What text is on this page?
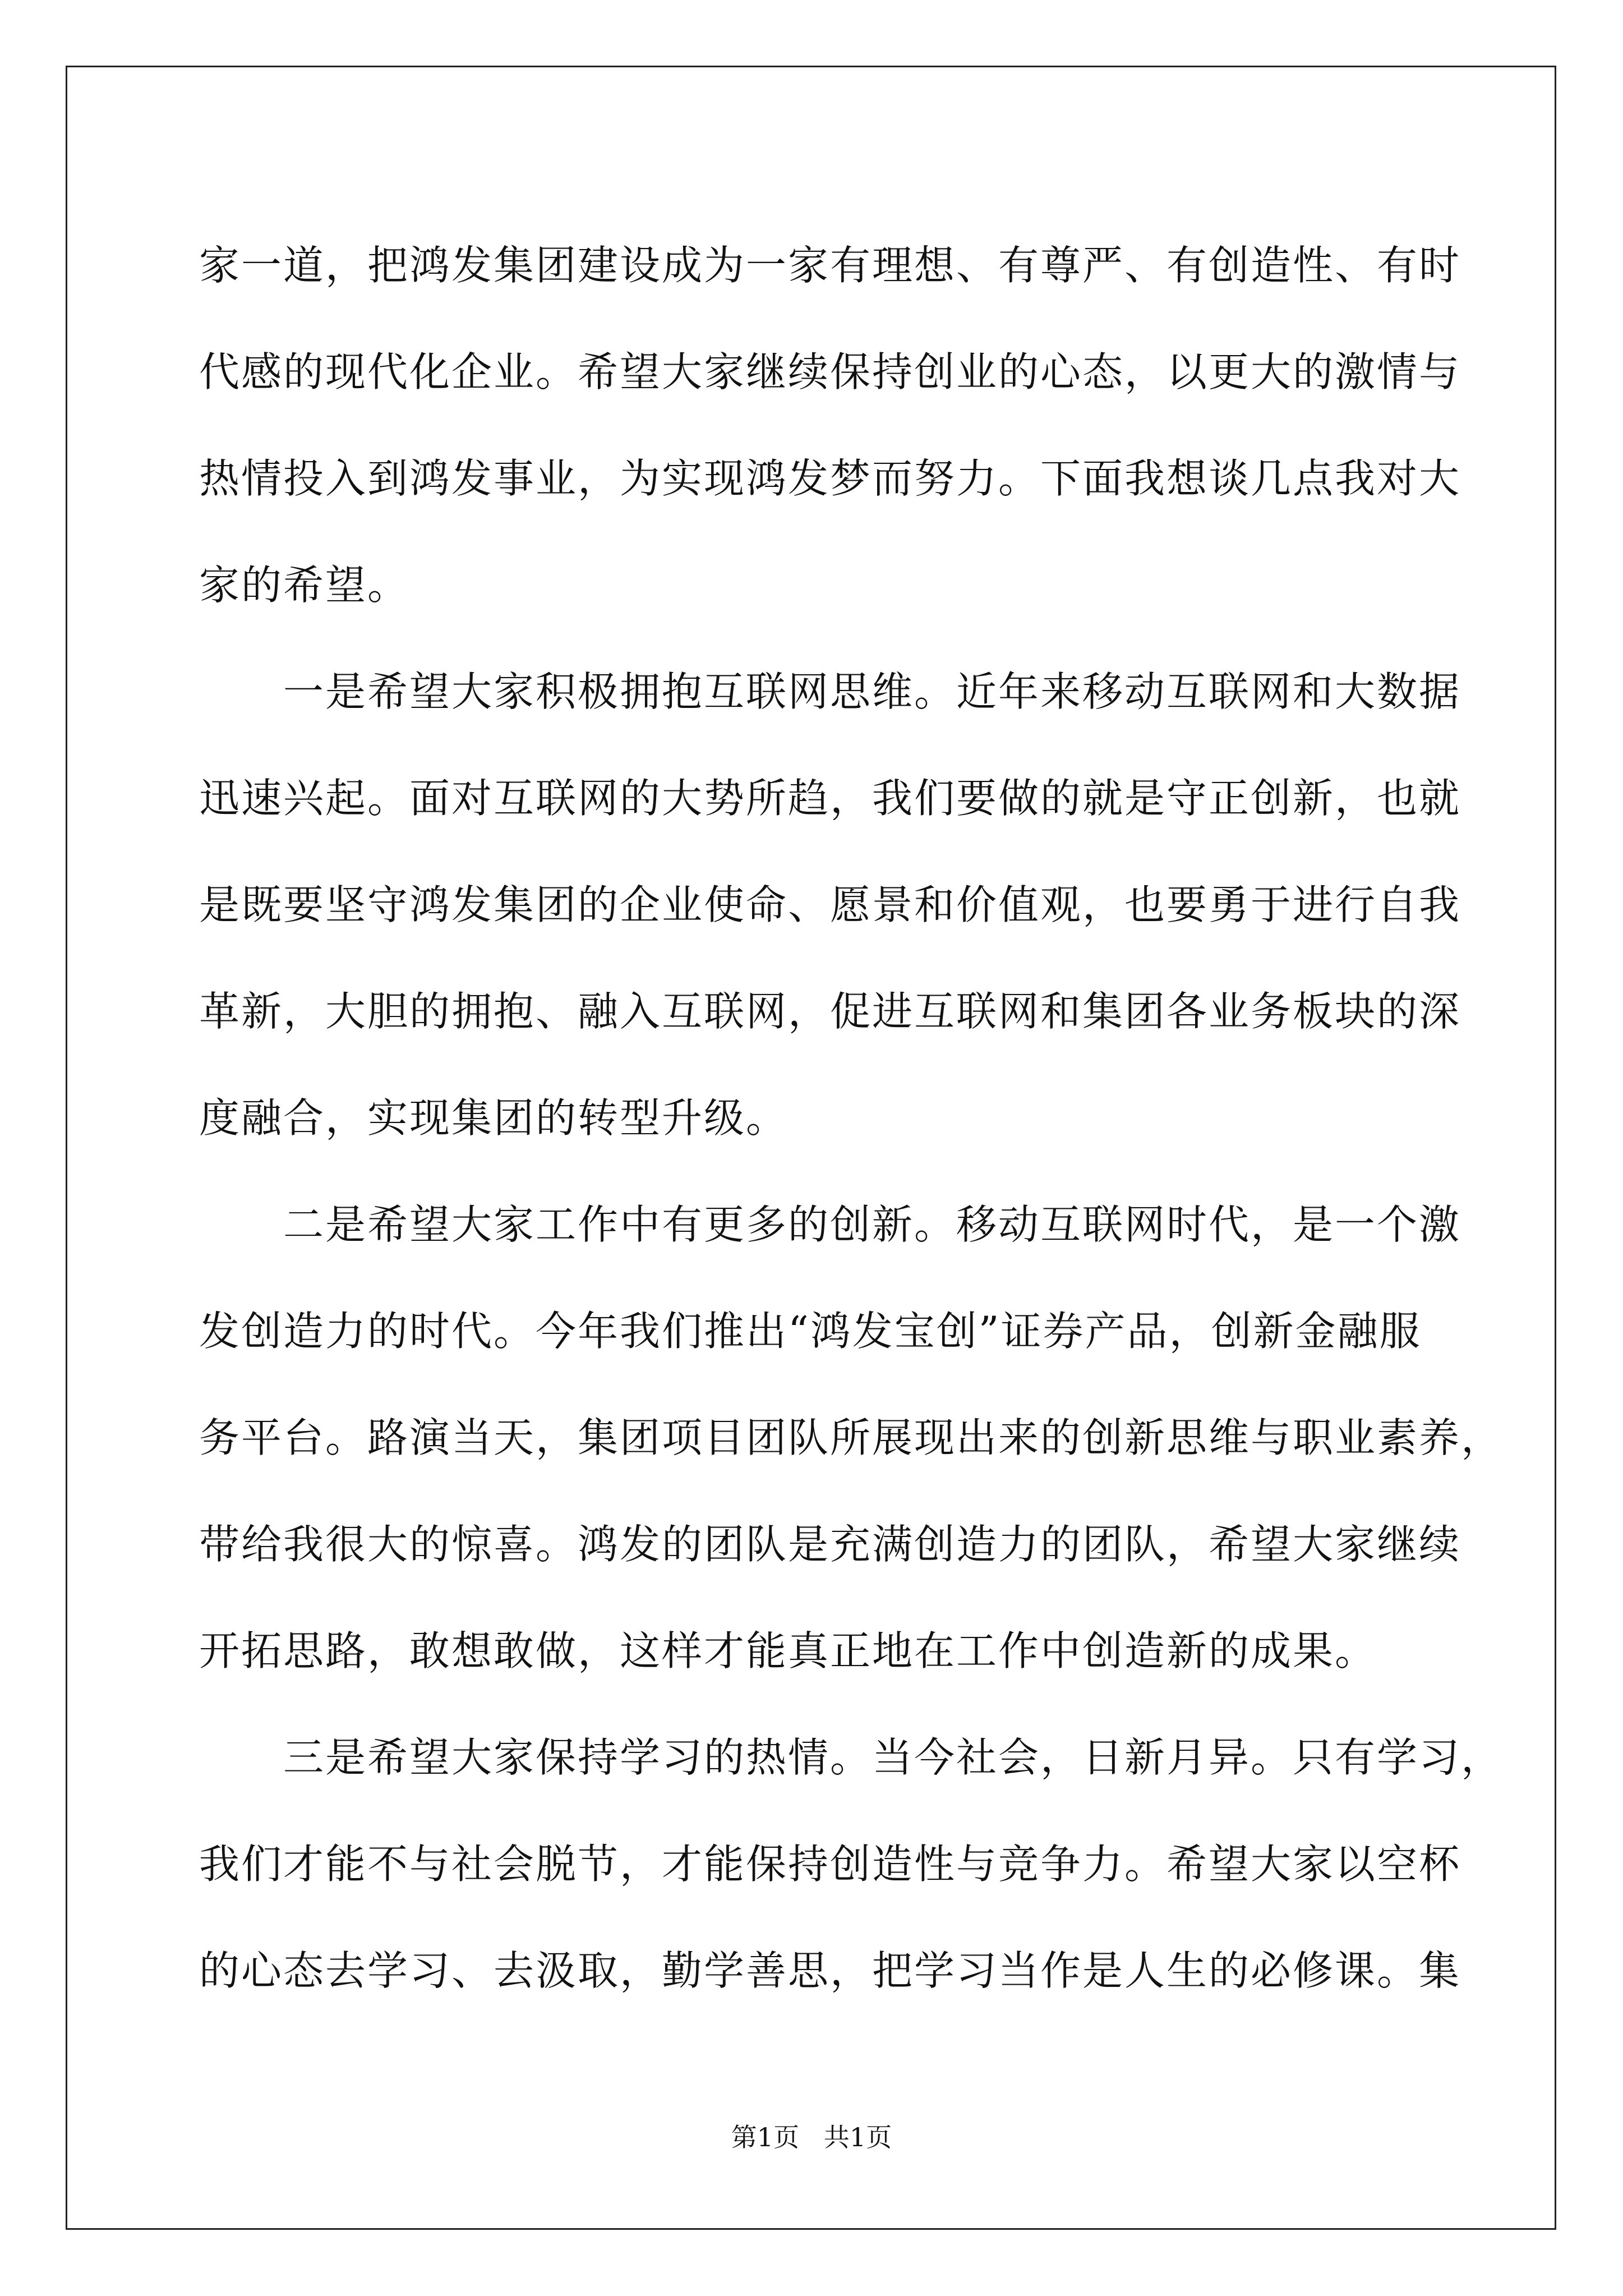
家一道，把鸿发集团建设成为一家有理想、有尊严、有创造性、有时
代感的现代化企业。希望大家继续保持创业的心态，以更大的激情与
热情投入到鸿发事业，为实现鸿发梦而努力。下面我想谈几点我对大
家的希望。
　　一是希望大家积极拥抱互联网思维。近年来移动互联网和大数据
迅速兴起。面对互联网的大势所趋，我们要做的就是守正创新，也就
是既要坚守鸿发集团的企业使命、愿景和价值观，也要勇于进行自我
革新，大胆的拥抱、融入互联网，促进互联网和集团各业务板块的深
度融合，实现集团的转型升级。
　　二是希望大家工作中有更多的创新。移动互联网时代，是一个激
发创造力的时代。今年我们推出“鸿发宝创”证券产品，创新金融服
务平台。路演当天，集团项目团队所展现出来的创新思维与职业素养，
带给我很大的惊喜。鸿发的团队是充满创造力的团队，希望大家继续
开拓思路，敢想敢做，这样才能真正地在工作中创造新的成果。
　　三是希望大家保持学习的热情。当今社会，日新月异。只有学习，
我们才能不与社会脱节，才能保持创造性与竞争力。希望大家以空杯
的心态去学习、去汲取，勤学善思，把学习当作是人生的必修课。集
第1页   共1页
